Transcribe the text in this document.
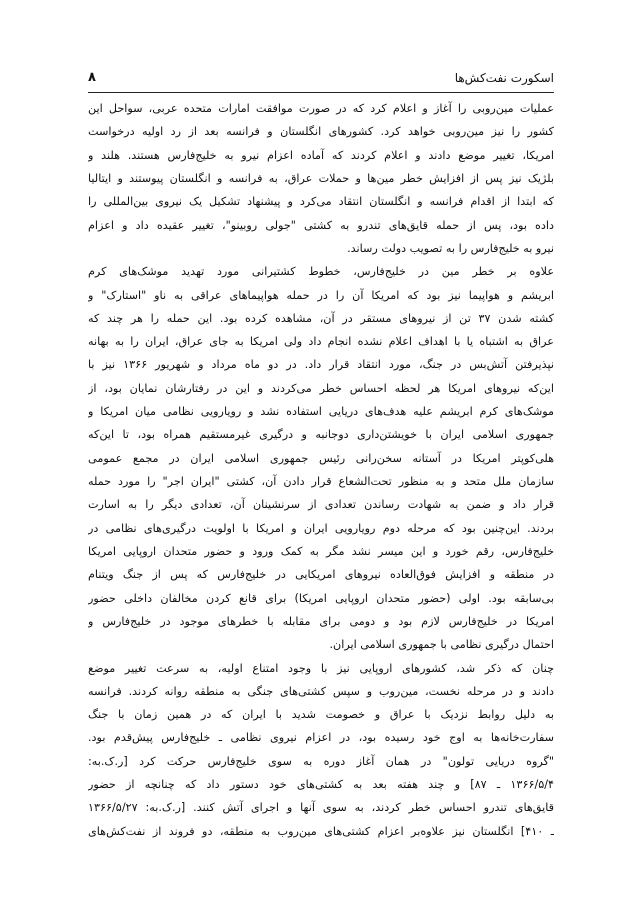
اسکورت نفت‌کش‌ها
۸
عملیات مین‌روبی را آغاز و اعلام کرد که در صورت موافقت امارات متحده عربی، سواحل این
کشور را نیز مین‌روبی خواهد کرد. کشورهای انگلستان و فرانسه بعد از رد اولیه درخواست
امریکا، تغییر موضع دادند و اعلام کردند که آماده اعزام نیرو به خلیج‌فارس هستند. هلند و
بلژیک نیز پس از افزایش خطر مین‌ها و حملات عراق، به فرانسه و انگلستان پیوستند و ایتالیا
که ابتدا از اقدام فرانسه و انگلستان انتقاد می‌کرد و پیشنهاد تشکیل یک نیروی بین‌المللی را
داده بود، پس از حمله قایق‌های تندرو به کشتی "جولی روبینو"، تغییر عقیده داد و اعزام
نیرو به خلیج‌فارس را به تصویب دولت رساند.
علاوه بر خطر مین در خلیج‌فارس، خطوط کشتیرانی مورد تهدید موشک‌های کرم
ابریشم و هواپیما نیز بود که امریکا آن را در حمله هواپیماهای عراقی به ناو "استارک" و
کشته شدن ۳۷ تن از نیروهای مستقر در آن، مشاهده کرده بود. این حمله را هر چند که
عراق به اشتباه یا با اهداف اعلام نشده انجام داد ولی امریکا به جای عراق، ایران را به بهانه
نپذیرفتن آتش‌بس در جنگ، مورد انتقاد قرار داد. در دو ماه مرداد و شهریور ۱۳۶۶ نیز با
این‌که نیروهای امریکا هر لحظه احساس خطر می‌کردند و این در رفتارشان نمایان بود، از
موشک‌های کرم ابریشم علیه هدف‌های دریایی استفاده نشد و رویارویی نظامی میان امریکا و
جمهوری اسلامی ایران با خویشتن‌داری دوجانبه و درگیری غیرمستقیم همراه بود، تا این‌که
هلی‌کوپتر امریکا در آستانه سخن‌رانی رئیس جمهوری اسلامی ایران در مجمع عمومی
سازمان ملل متحد و به منظور تحت‌الشعاع قرار دادن آن، کشتی "ایران اجر" را مورد حمله
قرار داد و ضمن به شهادت رساندن تعدادی از سرنشینان آن، تعدادی دیگر را به اسارت
بردند. این‌چنین بود که مرحله دوم رویارویی ایران و امریکا با اولویت درگیری‌های نظامی در
خلیج‌فارس، رقم خورد و این میسر نشد مگر به کمک ورود و حضور متحدان اروپایی امریکا
در منطقه و افزایش فوق‌العاده نیروهای امریکایی در خلیج‌فارس که پس از جنگ ویتنام
بی‌سابقه بود. اولی (حضور متحدان اروپایی امریکا) برای قانع کردن مخالفان داخلی حضور
امریکا در خلیج‌فارس لازم بود و دومی برای مقابله با خطرهای موجود در خلیج‌فارس و
احتمال درگیری نظامی با جمهوری اسلامی ایران.
چنان که ذکر شد، کشورهای اروپایی نیز با وجود امتناع اولیه، به سرعت تغییر موضع
دادند و در مرحله نخست، مین‌روب و سپس کشتی‌های جنگی به منطقه روانه کردند. فرانسه
به دلیل روابط نزدیک با عراق و خصومت شدید با ایران که در همین زمان با جنگ
سفارت‌خانه‌ها به اوج خود رسیده بود، در اعزام نیروی نظامی ـ خلیج‌فارس پیش‌قدم بود.
"گروه دریایی تولون" در همان آغاز دوره به سوی خلیج‌فارس حرکت کرد [ر.ک.به:
۱۳۶۶/۵/۴ ـ ۸۷] و چند هفته بعد به کشتی‌های خود دستور داد که چنانچه از حضور
قایق‌های تندرو احساس خطر کردند، به سوی آنها و اجرای آتش کنند. [ر.ک.به: ۱۳۶۶/۵/۲۷
ـ ۴۱۰] انگلستان نیز علاوه‌بر اعزام کشتی‌های مین‌روب به منطقه، دو فروند از نفت‌کش‌های
